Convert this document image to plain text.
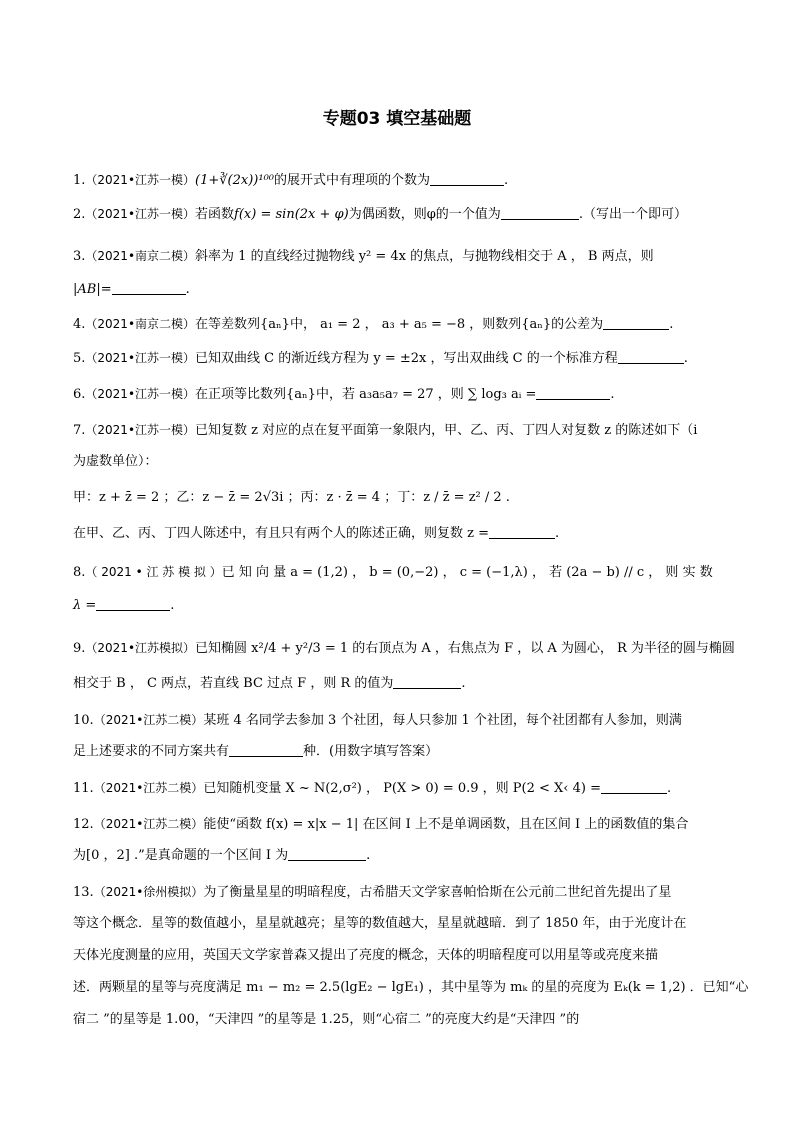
专题03 填空基础题
1.（2021•江苏一模）(1+∛(2x))¹⁰⁰的展开式中有理项的个数为	.
2.（2021•江苏一模）若函数f(x) = sin(2x + φ)为偶函数，则φ的一个值为	.（写出一个即可）
3.（2021•南京二模）斜率为 1 的直线经过抛物线 y² = 4x 的焦点，与抛物线相交于 A ， B 两点，则
|AB|=	.
4.（2021•南京二模）在等差数列{aₙ}中， a₁ = 2 ， a₃ + a₅ = −8 ，则数列{aₙ}的公差为	.
5.（2021•江苏一模）已知双曲线 C 的渐近线方程为 y = ±2x ，写出双曲线 C 的一个标准方程	.
6.（2021•江苏一模）在正项等比数列{aₙ}中，若 a₃a₅a₇ = 27 ，则 ∑ log₃ aᵢ =	.
7.（2021•江苏一模）已知复数 z 对应的点在复平面第一象限内，甲、乙、丙、丁四人对复数 z 的陈述如下（i
为虚数单位）：
甲：z + z̄ = 2 ；乙：z − z̄ = 2√3i ；丙：z · z̄ = 4 ；丁：z / z̄ = z² / 2 .
在甲、乙、丙、丁四人陈述中，有且只有两个人的陈述正确，则复数 z =	.
8.（ 2021 • 江 苏 模 拟 ）已 知 向 量 a = (1,2) ， b = (0,−2) ， c = (−1,λ) ， 若 (2a − b) // c ， 则 实 数
λ =	.
9.（2021•江苏模拟）已知椭圆 x²/4 + y²/3 = 1 的右顶点为 A ，右焦点为 F ，以 A 为圆心， R 为半径的圆与椭圆
相交于 B ， C 两点，若直线 BC 过点 F ，则 R 的值为	.
10.（2021•江苏二模）某班 4 名同学去参加 3 个社团，每人只参加 1 个社团，每个社团都有人参加，则满
足上述要求的不同方案共有	种．(用数字填写答案）
11.（2021•江苏二模）已知随机变量 X ~ N(2,σ²) ， P(X > 0) = 0.9 ，则 P(2 < X‹ 4) =	.
12.（2021•江苏二模）能使“函数 f(x) = x|x − 1| 在区间 I 上不是单调函数，且在区间 I 上的函数值的集合
为[0 ，2] .”是真命题的一个区间 I 为	.
13.（2021•徐州模拟）为了衡量星星的明暗程度，古希腊天文学家喜帕恰斯在公元前二世纪首先提出了星
等这个概念．星等的数值越小，星星就越亮；星等的数值越大，星星就越暗．到了 1850 年，由于光度计在
天体光度测量的应用，英国天文学家普森又提出了亮度的概念，天体的明暗程度可以用星等或亮度来描
述．两颗星的星等与亮度满足 m₁ − m₂ = 2.5(lgE₂ − lgE₁) ，其中星等为 mₖ 的星的亮度为 Eₖ(k = 1,2) ．已知“心
宿二 ”的星等是 1.00，“天津四 ”的星等是 1.25，则“心宿二 ”的亮度大约是“天津四 ”的
